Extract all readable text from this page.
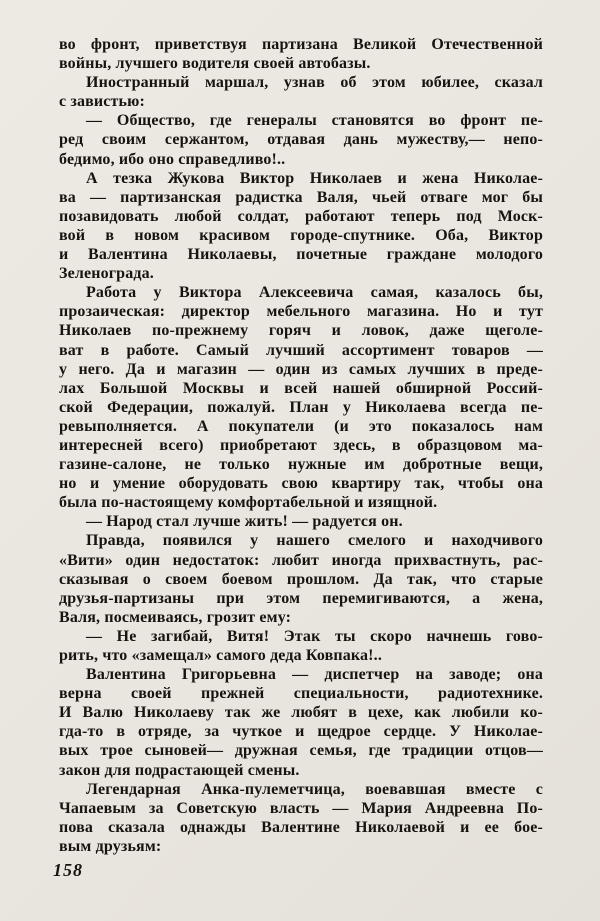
во фронт, приветствуя партизана Великой Отечественной
войны, лучшего водителя своей автобазы.
Иностранный маршал, узнав об этом юбилее, сказал
с завистью:
— Общество, где генералы становятся во фронт пе-
ред своим сержантом, отдавая дань мужеству,— непо-
бедимо, ибо оно справедливо!..
А тезка Жукова Виктор Николаев и жена Николае-
ва — партизанская радистка Валя, чьей отваге мог бы
позавидовать любой солдат, работают теперь под Моск-
вой в новом красивом городе-спутнике. Оба, Виктор
и Валентина Николаевы, почетные граждане молодого
Зеленограда.
Работа у Виктора Алексеевича самая, казалось бы,
прозаическая: директор мебельного магазина. Но и тут
Николаев по-прежнему горяч и ловок, даже щеголе-
ват в работе. Самый лучший ассортимент товаров —
у него. Да и магазин — один из самых лучших в преде-
лах Большой Москвы и всей нашей обширной Россий-
ской Федерации, пожалуй. План у Николаева всегда пе-
ревыполняется. А покупатели (и это показалось нам
интересней всего) приобретают здесь, в образцовом ма-
газине-салоне, не только нужные им добротные вещи,
но и умение оборудовать свою квартиру так, чтобы она
была по-настоящему комфортабельной и изящной.
— Народ стал лучше жить! — радуется он.
Правда, появился у нашего смелого и находчивого
«Вити» один недостаток: любит иногда прихвастнуть, рас-
сказывая о своем боевом прошлом. Да так, что старые
друзья-партизаны при этом перемигиваются, а жена,
Валя, посмеиваясь, грозит ему:
— Не загибай, Витя! Этак ты скоро начнешь гово-
рить, что «замещал» самого деда Ковпака!..
Валентина Григорьевна — диспетчер на заводе; она
верна своей прежней специальности, радиотехнике.
И Валю Николаеву так же любят в цехе, как любили ко-
гда-то в отряде, за чуткое и щедрое сердце. У Николае-
вых трое сыновей— дружная семья, где традиции отцов—
закон для подрастающей смены.
Легендарная Анка-пулеметчица, воевавшая вместе с
Чапаевым за Советскую власть — Мария Андреевна По-
пова сказала однажды Валентине Николаевой и ее бое-
вым друзьям:
158
